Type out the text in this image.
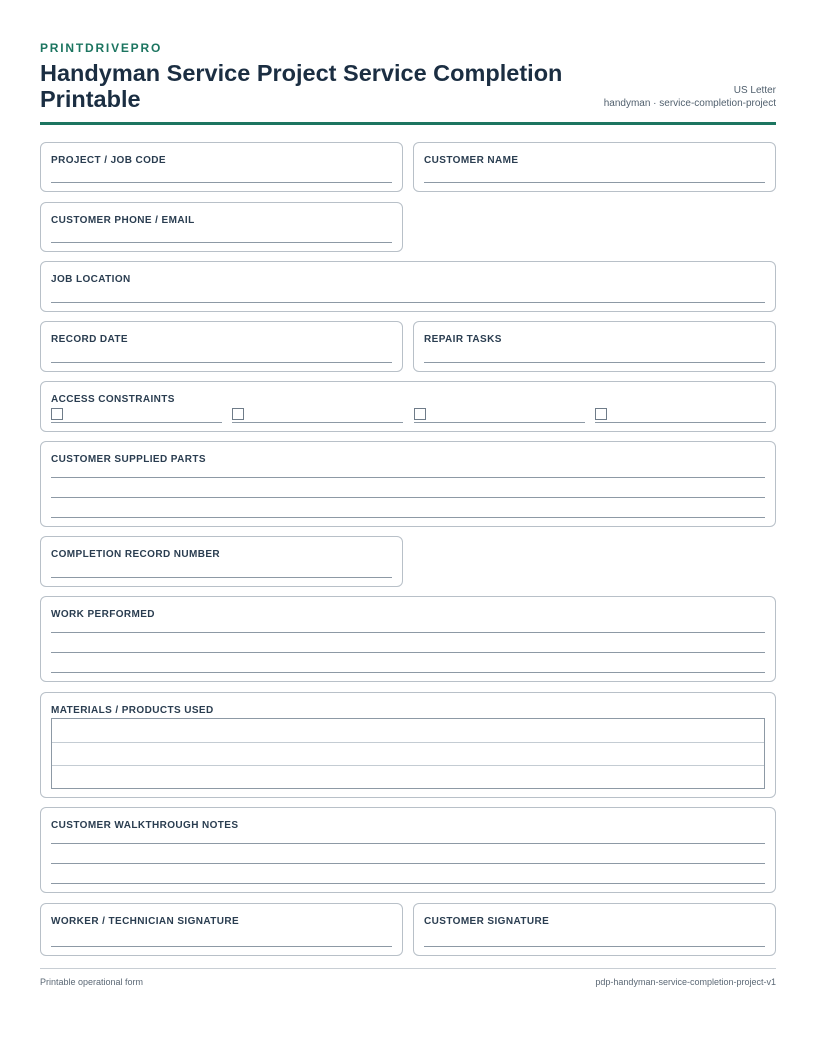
PRINTDRIVEPRO
Handyman Service Project Service Completion Printable	US Letter
handyman · service-completion-project
PROJECT / JOB CODE	CUSTOMER NAME
CUSTOMER PHONE / EMAIL
JOB LOCATION
RECORD DATE	REPAIR TASKS
ACCESS CONSTRAINTS
CUSTOMER SUPPLIED PARTS
COMPLETION RECORD NUMBER
WORK PERFORMED
MATERIALS / PRODUCTS USED
CUSTOMER WALKTHROUGH NOTES
WORKER / TECHNICIAN SIGNATURE	CUSTOMER SIGNATURE
Printable operational form	pdp-handyman-service-completion-project-v1
